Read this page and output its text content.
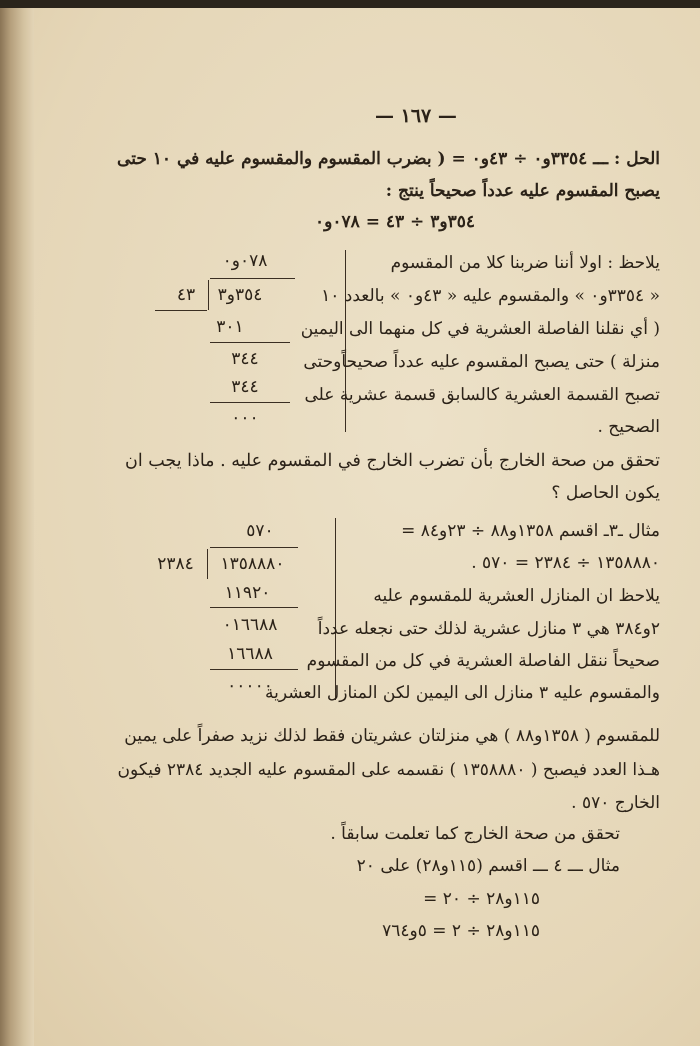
— ١٦٧ —
الحل : ـــ ٣٣٥٤و٠ ÷ ٤٣و٠ = ( بضرب المقسوم والمقسوم عليه في ١٠ حتى
يصبح المقسوم عليه عدداً صحيحاً ينتج :
٣٥٤و٣ ÷ ٤٣ = ٠٧٨و٠
يلاحظ : اولا أننا ضربنا كلا من المقسوم
« ٣٣٥٤و٠ » والمقسوم عليه « ٤٣و٠ » بالعدد ١٠
( أي نقلنا الفاصلة العشرية في كل منهما الى اليمين
منزلة ) حتى يصبح المقسوم عليه عدداً صحيحاًوحتى
تصبح القسمة العشرية كالسابق قسمة عشرية على
الصحيح .
٠٧٨و٠
٣٥٤و٣
٤٣
٣٠١
٣٤٤
٣٤٤
٠٠٠
تحقق من صحة الخارج بأن تضرب الخارج في المقسوم عليه . ماذا يجب ان
يكون الحاصل ؟
مثال ـ٣ـ اقسم ١٣٥٨و٨٨ ÷ ٢٣و٨٤ =
١٣٥٨٨٨٠ ÷ ٢٣٨٤ = ٥٧٠ .
يلاحظ ان المنازل العشرية للمقسوم عليه
٢و٣٨٤ هي ٣ منازل عشرية لذلك حتى نجعله عدداً
صحيحاً ننقل الفاصلة العشرية في كل من المقسوم
والمقسوم عليه ٣ منازل الى اليمين لكن المنازل العشرية
٥٧٠
١٣٥٨٨٨٠
٢٣٨٤
١١٩٢٠
٠١٦٦٨٨
١٦٦٨٨
٠٠٠٠٠
للمقسوم ( ١٣٥٨و٨٨ ) هي منزلتان عشريتان فقط لذلك نزيد صفراً على يمين
هـذا العدد فيصبح ( ١٣٥٨٨٨٠ ) نقسمه على المقسوم عليه الجديد ٢٣٨٤ فيكون
الخارج ٥٧٠ .
تحقق من صحة الخارج كما تعلمت سابقاً .
مثال ـــ ٤ ـــ اقسم (١١٥و٢٨) على ٢٠
١١٥و٢٨ ÷ ٢٠ =
١١٥و٢٨ ÷ ٢ = ٥و٧٦٤
